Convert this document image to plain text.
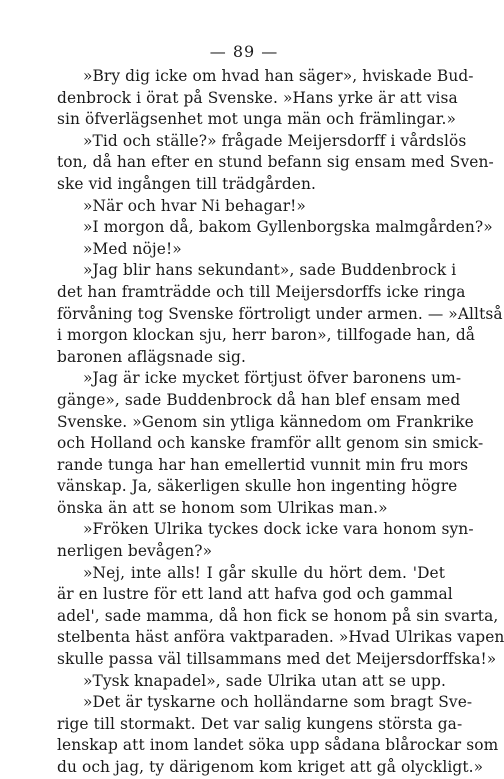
— 89 —
»Bry dig icke om hvad han säger», hviskade Bud-
denbrock i örat på Svenske. »Hans yrke är att visa
sin öfverlägsenhet mot unga män och främlingar.»
»Tid och ställe?» frågade Meijersdorff i vårdslös
ton, då han efter en stund befann sig ensam med Sven-
ske vid ingången till trädgården.
»När och hvar Ni behagar!»
»I morgon då, bakom Gyllenborgska malmgården?»
»Med nöje!»
»Jag blir hans sekundant», sade Buddenbrock i
det han framträdde och till Meijersdorffs icke ringa
förvåning tog Svenske förtroligt under armen. — »Alltså
i morgon klockan sju, herr baron», tillfogade han, då
baronen aflägsnade sig.
»Jag är icke mycket förtjust öfver baronens um-
gänge», sade Buddenbrock då han blef ensam med
Svenske. »Genom sin ytliga kännedom om Frankrike
och Holland och kanske framför allt genom sin smick-
rande tunga har han emellertid vunnit min fru mors
vänskap. Ja, säkerligen skulle hon ingenting högre
önska än att se honom som Ulrikas man.»
»Fröken Ulrika tyckes dock icke vara honom syn-
nerligen bevågen?»
»Nej, inte alls! I går skulle du hört dem. 'Det
är en lustre för ett land att hafva god och gammal
adel', sade mamma, då hon fick se honom på sin svarta,
stelbenta häst anföra vaktparaden. »Hvad Ulrikas vapen
skulle passa väl tillsammans med det Meijersdorffska!»
»Tysk knapadel», sade Ulrika utan att se upp.
»Det är tyskarne och holländarne som bragt Sve-
rige till stormakt. Det var salig kungens största ga-
lenskap att inom landet söka upp sådana blårockar som
du och jag, ty därigenom kom kriget att gå olyckligt.»
